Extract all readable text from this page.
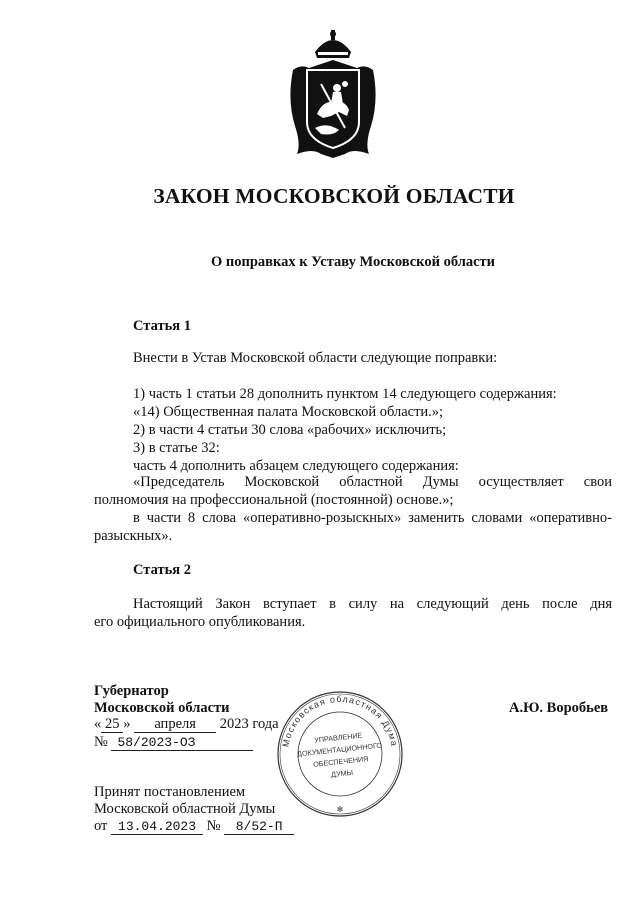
ЗАКОН МОСКОВСКОЙ ОБЛАСТИ
О поправках к Уставу Московской области
Статья 1
Внести в Устав Московской области следующие поправки:
1) часть 1 статьи 28 дополнить пунктом 14 следующего содержания:
«14) Общественная палата Московской области.»;
2) в части 4 статьи 30 слова «рабочих» исключить;
3) в статье 32:
часть 4 дополнить абзацем следующего содержания:
«Председатель Московской областной Думы осуществляет свои
полномочия на профессиональной (постоянной) основе.»;
в части 8 слова «оперативно-розыскных» заменить словами «оперативно-
разыскных».
Статья 2
Настоящий Закон вступает в силу на следующий день после дня
его официального опубликования.
Губернатор
Московской области	А.Ю. Воробьев
« 25 » апреля 2023 года
№ 58/2023-ОЗ
Принят постановлением
Московской областной Думы
от 13.04.2023 № 8/52-П
Московская областная Дума
✻
УПРАВЛЕНИЕ
ДОКУМЕНТАЦИОННОГО
ОБЕСПЕЧЕНИЯ
ДУМЫ
